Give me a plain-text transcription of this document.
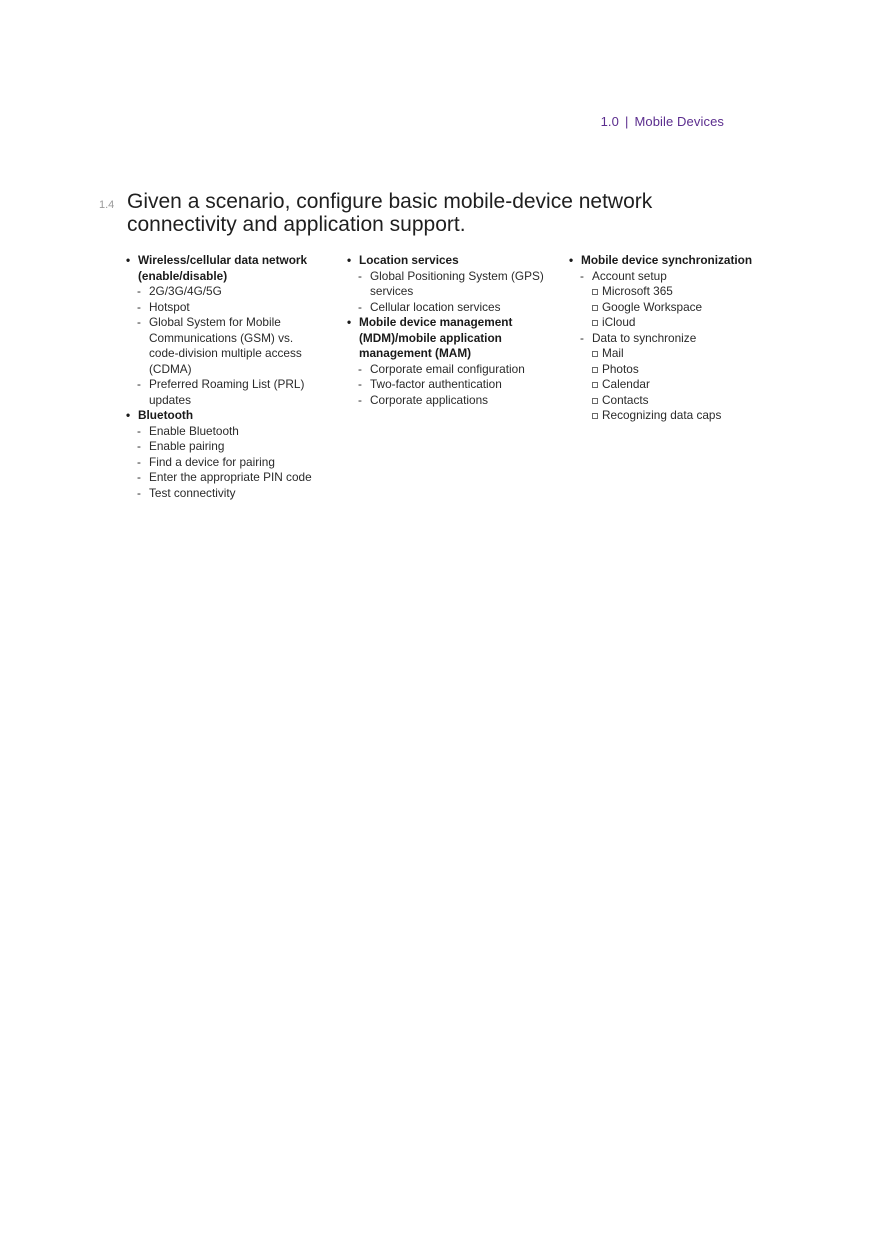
1.0 | Mobile Devices
1.4 Given a scenario, configure basic mobile-device network
connectivity and application support.
• Wireless/cellular data network
(enable/disable)
- 2G/3G/4G/5G
- Hotspot
- Global System for Mobile
Communications (GSM) vs.
code-division multiple access
(CDMA)
- Preferred Roaming List (PRL)
updates
• Bluetooth
- Enable Bluetooth
- Enable pairing
- Find a device for pairing
- Enter the appropriate PIN code
- Test connectivity
• Location services
- Global Positioning System (GPS)
services
- Cellular location services
• Mobile device management
(MDM)/mobile application
management (MAM)
- Corporate email configuration
- Two-factor authentication
- Corporate applications
• Mobile device synchronization
- Account setup
Microsoft 365
Google Workspace
iCloud
- Data to synchronize
Mail
Photos
Calendar
Contacts
Recognizing data caps
